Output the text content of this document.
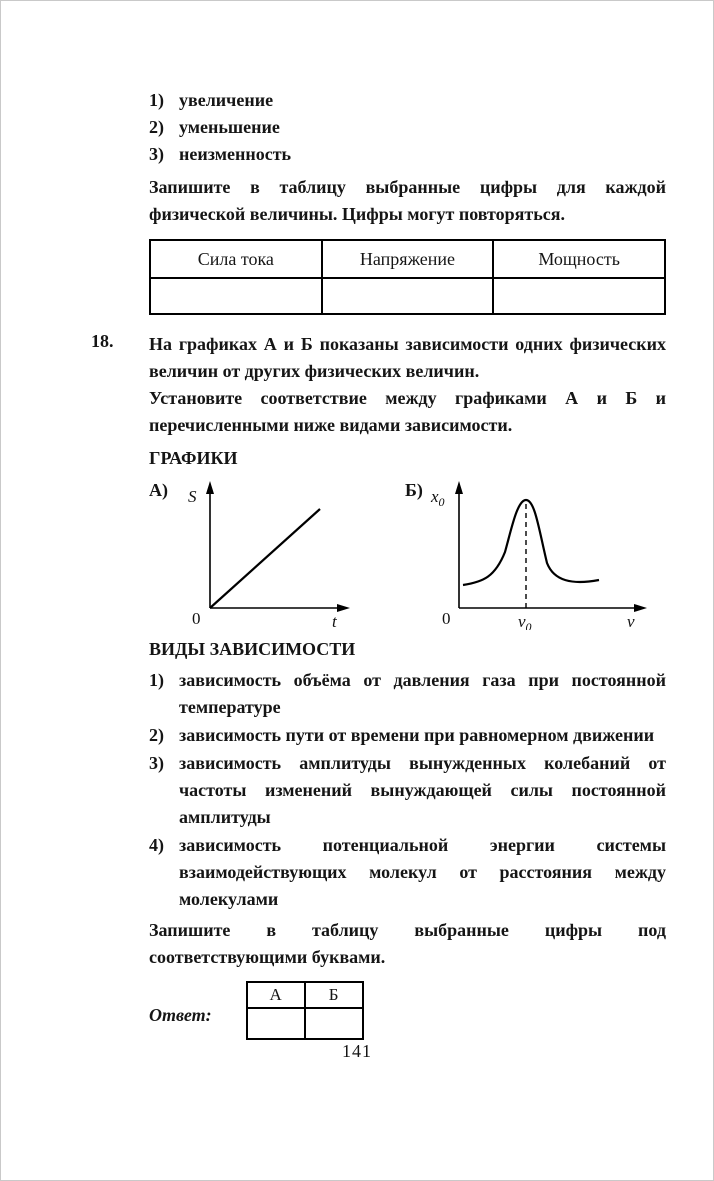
1) увеличение
2) уменьшение
3) неизменность

Запишите в таблицу выбранные цифры для каждой физической величины. Цифры могут повторяться.

Сила тока	Напряжение	Мощность

18. На графиках А и Б показаны зависимости одних физических величин от других физических величин.

Установите соответствие между графиками А и Б и перечисленными ниже видами зависимости.

ГРАФИКИ
А) S
0	t
Б) $x_0$
0	$\nu_0$	ν
ВИДЫ ЗАВИСИМОСТИ
1) зависимость объёма от давления газа при постоянной температуре
2) зависимость пути от времени при равномерном движении
3) зависимость амплитуды вынужденных колебаний от частоты изменений вынуждающей силы постоянной амплитуды
4) зависимость потенциальной энергии системы взаимодействующих молекул от расстояния между молекулами

Запишите в таблицу выбранные цифры под соответствующими буквами.

Ответ:
А	Б

141
